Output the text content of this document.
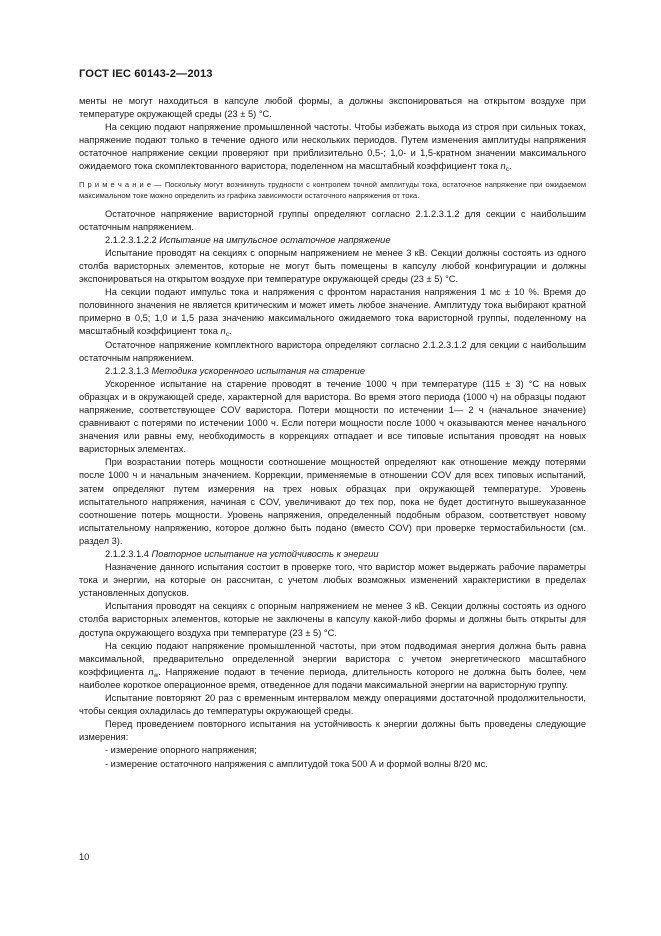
ГОСТ IEC 60143-2—2013

менты не могут находиться в капсуле любой формы, а должны экспонироваться на открытом воздухе при температуре окружающей среды (23 ± 5) °С.

На секцию подают напряжение промышленной частоты. Чтобы избежать выхода из строя при сильных токах, напряжение подают только в течение одного или нескольких периодов. Путем изменения амплитуды напряжения остаточное напряжение секции проверяют при приблизительно 0,5-; 1,0- и 1,5-кратном значении максимального ожидаемого тока скомплектованного варистора, поделенном на масштабный коэффициент тока $n_c$.

П р и м е ч а н и е — Поскольку могут возникнуть трудности с контролем точной амплитуды тока, остаточное напряжение при ожидаемом максимальном токе можно определить из графика зависимости остаточного напряжения от тока.

Остаточное напряжение варисторной группы определяют согласно 2.1.2.3.1.2 для секции с наибольшим остаточным напряжением.

2.1.2.3.1.2.2 Испытание на импульсное остаточное напряжение

Испытание проводят на секциях с опорным напряжением не менее 3 кВ. Секции должны состоять из одного столба варисторных элементов, которые не могут быть помещены в капсулу любой конфигурации и должны экспонироваться на открытом воздухе при температуре окружающей среды (23 ± 5) °С.

На секции подают импульс тока и напряжения с фронтом нарастания напряжения 1 мс ± 10 %. Время до половинного значения не является критическим и может иметь любое значение. Амплитуду тока выбирают кратной примерно в 0,5; 1,0 и 1,5 раза значению максимального ожидаемого тока варисторной группы, поделенному на масштабный коэффициент тока $n_c$.

Остаточное напряжение комплектного варистора определяют согласно 2.1.2.3.1.2 для секции с наибольшим остаточным напряжением.

2.1.2.3.1.3 Методика ускоренного испытания на старение

Ускоренное испытание на старение проводят в течение 1000 ч при температуре (115 ± 3) °С на новых образцах и в окружающей среде, характерной для варистора. Во время этого периода (1000 ч) на образцы подают напряжение, соответствующее COV варистора. Потери мощности по истечении 1— 2 ч (начальное значение) сравнивают с потерями по истечении 1000 ч. Если потери мощности после 1000 ч оказываются менее начального значения или равны ему, необходимость в коррекциях отпадает и все типовые испытания проводят на новых варисторных элементах.

При возрастании потерь мощности соотношение мощностей определяют как отношение между потерями после 1000 ч и начальным значением. Коррекции, применяемые в отношении COV для всех типовых испытаний, затем определяют путем измерения на трех новых образцах при окружающей температуре. Уровень испытательного напряжения, начиная с COV, увеличивают до тех пор, пока не будет достигнуто вышеуказанное соотношение потерь мощности. Уровень напряжения, определенный подобным образом, соответствует новому испытательному напряжению, которое должно быть подано (вместо COV) при проверке термостабильности (см. раздел 3).

2.1.2.3.1.4 Повторное испытание на устойчивость к энергии

Назначение данного испытания состоит в проверке того, что варистор может выдержать рабочие параметры тока и энергии, на которые он рассчитан, с учетом любых возможных изменений характеристики в пределах установленных допусков.

Испытания проводят на секциях с опорным напряжением не менее 3 кВ. Секции должны состоять из одного столба варисторных элементов, которые не заключены в капсулу какой-либо формы и должны быть открыты для доступа окружающего воздуха при температуре (23 ± 5) °С.

На секцию подают напряжение промышленной частоты, при этом подводимая энергия должна быть равна максимальной, предварительно определенной энергии варистора с учетом энергетического масштабного коэффициента $n_w$. Напряжение подают в течение периода, длительность которого не должна быть более, чем наиболее короткое операционное время, отведенное для подачи максимальной энергии на варисторную группу.

Испытание повторяют 20 раз с временным интервалом между операциями достаточной продолжительности, чтобы секция охладилась до температуры окружающей среды.

Перед проведением повторного испытания на устойчивость к энергии должны быть проведены следующие измерения:

- измерение опорного напряжения;

- измерение остаточного напряжения с амплитудой тока 500 А и формой волны 8/20 мс.

10
